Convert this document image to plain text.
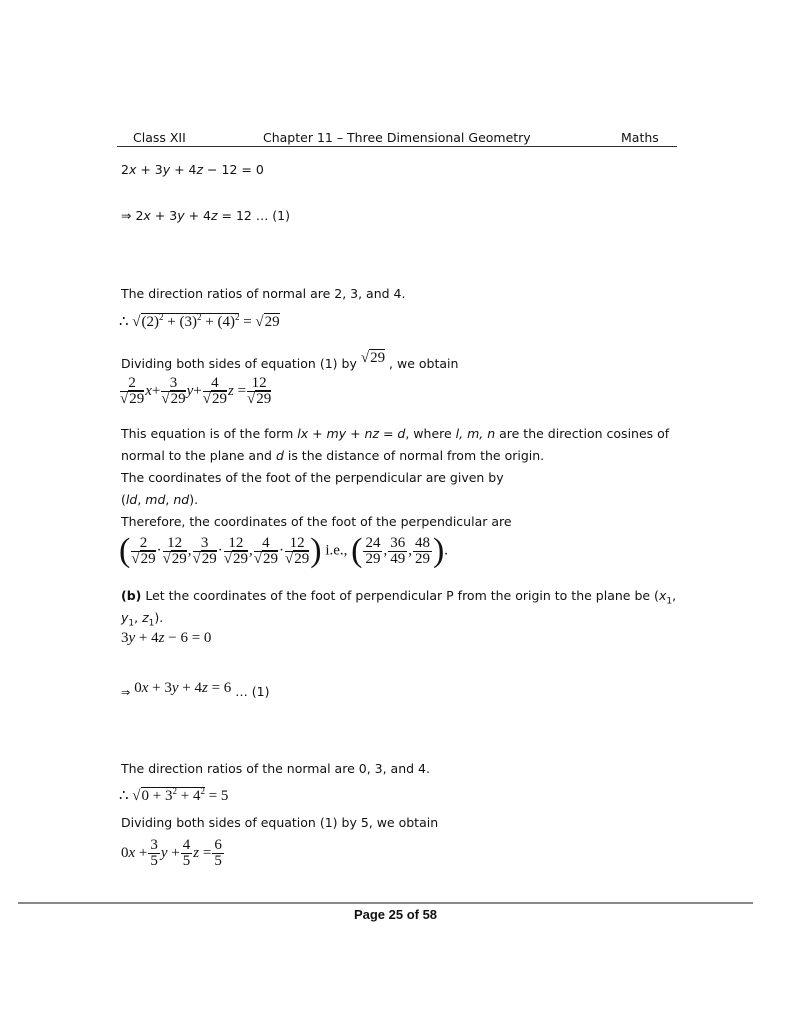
Class XII	Chapter 11 – Three Dimensional Geometry	Maths
2x + 3y + 4z − 12 = 0
⇒ 2x + 3y + 4z = 12 … (1)
The direction ratios of normal are 2, 3, and 4.
∴ $√(2)^2 + (3)^2 + (4)^2 = √29$
Dividing both sides of equation (1) by √29 , we obtain
$\frac{2}{√29} x+ \frac{3}{√29} y+ \frac{4}{√29}$ $z = \frac{12}{√29}$
This equation is of the form lx + my + nz = d, where l, m, n are the direction cosines of
normal to the plane and d is the distance of normal from the origin.
The coordinates of the foot of the perpendicular are given by
(ld, md, nd).
Therefore, the coordinates of the foot of the perpendicular are
( $\frac{2}{√29} \cdot \frac{12}{√29}$ , $\frac{3}{√29} \cdot \frac{12}{√29}$ , $\frac{4}{√29} \cdot \frac{12}{√29}$ ) i.e., ( $\frac{24}{29}$ , $\frac{36}{49}$ , $\frac{48}{29}$ ).
(b) Let the coordinates of the foot of perpendicular P from the origin to the plane be ($x_1$,
$y_1$, $z_1$).
3y + 4z − 6 = 0
⇒ 0x + 3y + 4z = 6 … (1)
The direction ratios of the normal are 0, 3, and 4.
∴ $√0 + 3^2 + 4^2 = 5$
Dividing both sides of equation (1) by 5, we obtain
$0x + \frac{3}{5}$ $y + \frac{4}{5}$ $z = \frac{6}{5}$
Page 25 of 58
